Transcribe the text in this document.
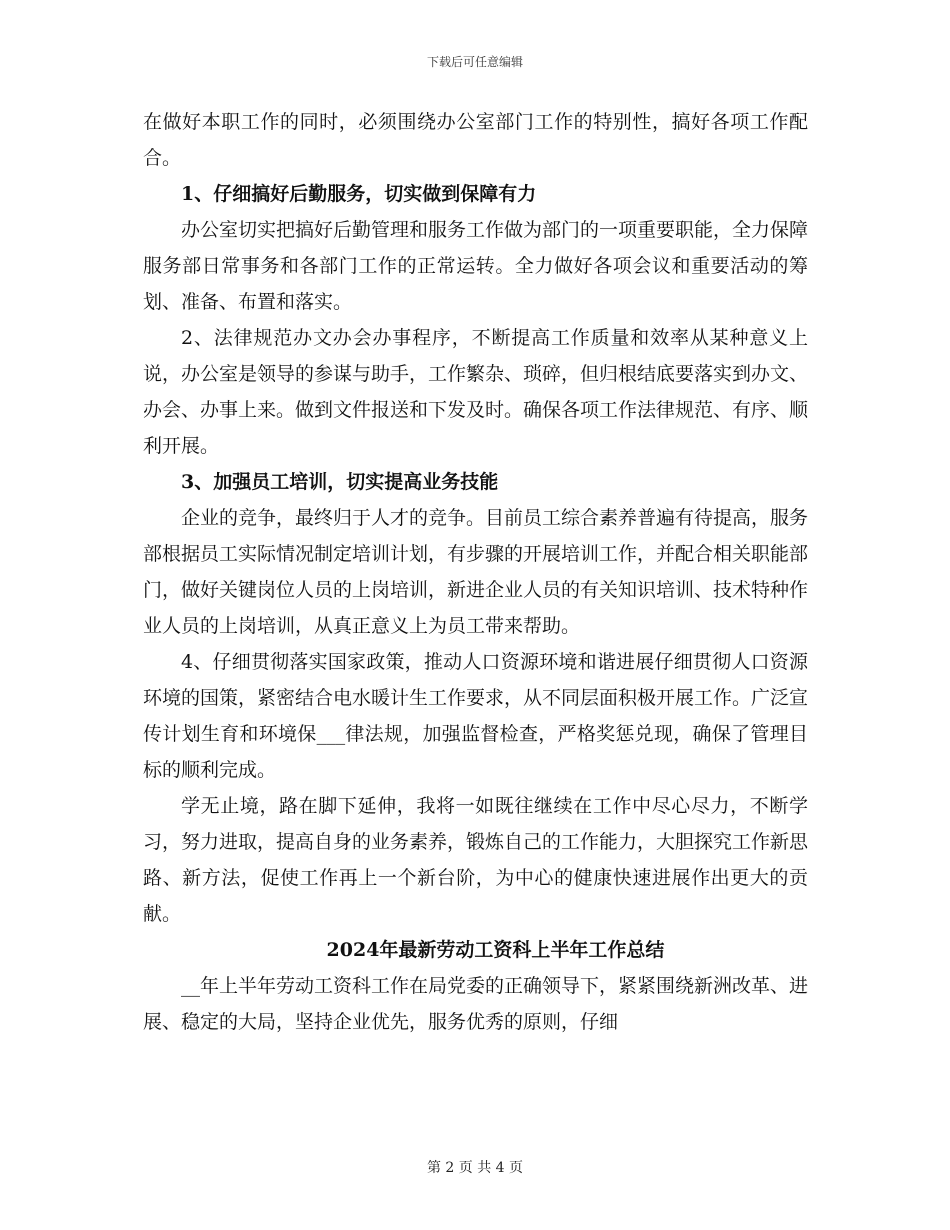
下载后可任意编辑

在做好本职工作的同时，必须围绕办公室部门工作的特别性，搞好各项工作配合。

1、仔细搞好后勤服务，切实做到保障有力

办公室切实把搞好后勤管理和服务工作做为部门的一项重要职能，全力保障服务部日常事务和各部门工作的正常运转。全力做好各项会议和重要活动的筹划、准备、布置和落实。

2、法律规范办文办会办事程序，不断提高工作质量和效率从某种意义上说，办公室是领导的参谋与助手，工作繁杂、琐碎，但归根结底要落实到办文、办会、办事上来。做到文件报送和下发及时。确保各项工作法律规范、有序、顺利开展。

3、加强员工培训，切实提高业务技能

企业的竞争，最终归于人才的竞争。目前员工综合素养普遍有待提高，服务部根据员工实际情况制定培训计划，有步骤的开展培训工作，并配合相关职能部门，做好关键岗位人员的上岗培训，新进企业人员的有关知识培训、技术特种作业人员的上岗培训，从真正意义上为员工带来帮助。

4、仔细贯彻落实国家政策，推动人口资源环境和谐进展仔细贯彻人口资源环境的国策，紧密结合电水暖计生工作要求，从不同层面积极开展工作。广泛宣传计划生育和环境保___律法规，加强监督检查，严格奖惩兑现，确保了管理目标的顺利完成。

学无止境，路在脚下延伸，我将一如既往继续在工作中尽心尽力，不断学习，努力进取，提高自身的业务素养，锻炼自己的工作能力，大胆探究工作新思路、新方法，促使工作再上一个新台阶，为中心的健康快速进展作出更大的贡献。

2024年最新劳动工资科上半年工作总结

__年上半年劳动工资科工作在局党委的正确领导下，紧紧围绕新洲改革、进展、稳定的大局，坚持企业优先，服务优秀的原则，仔细

第 2 页 共 4 页
